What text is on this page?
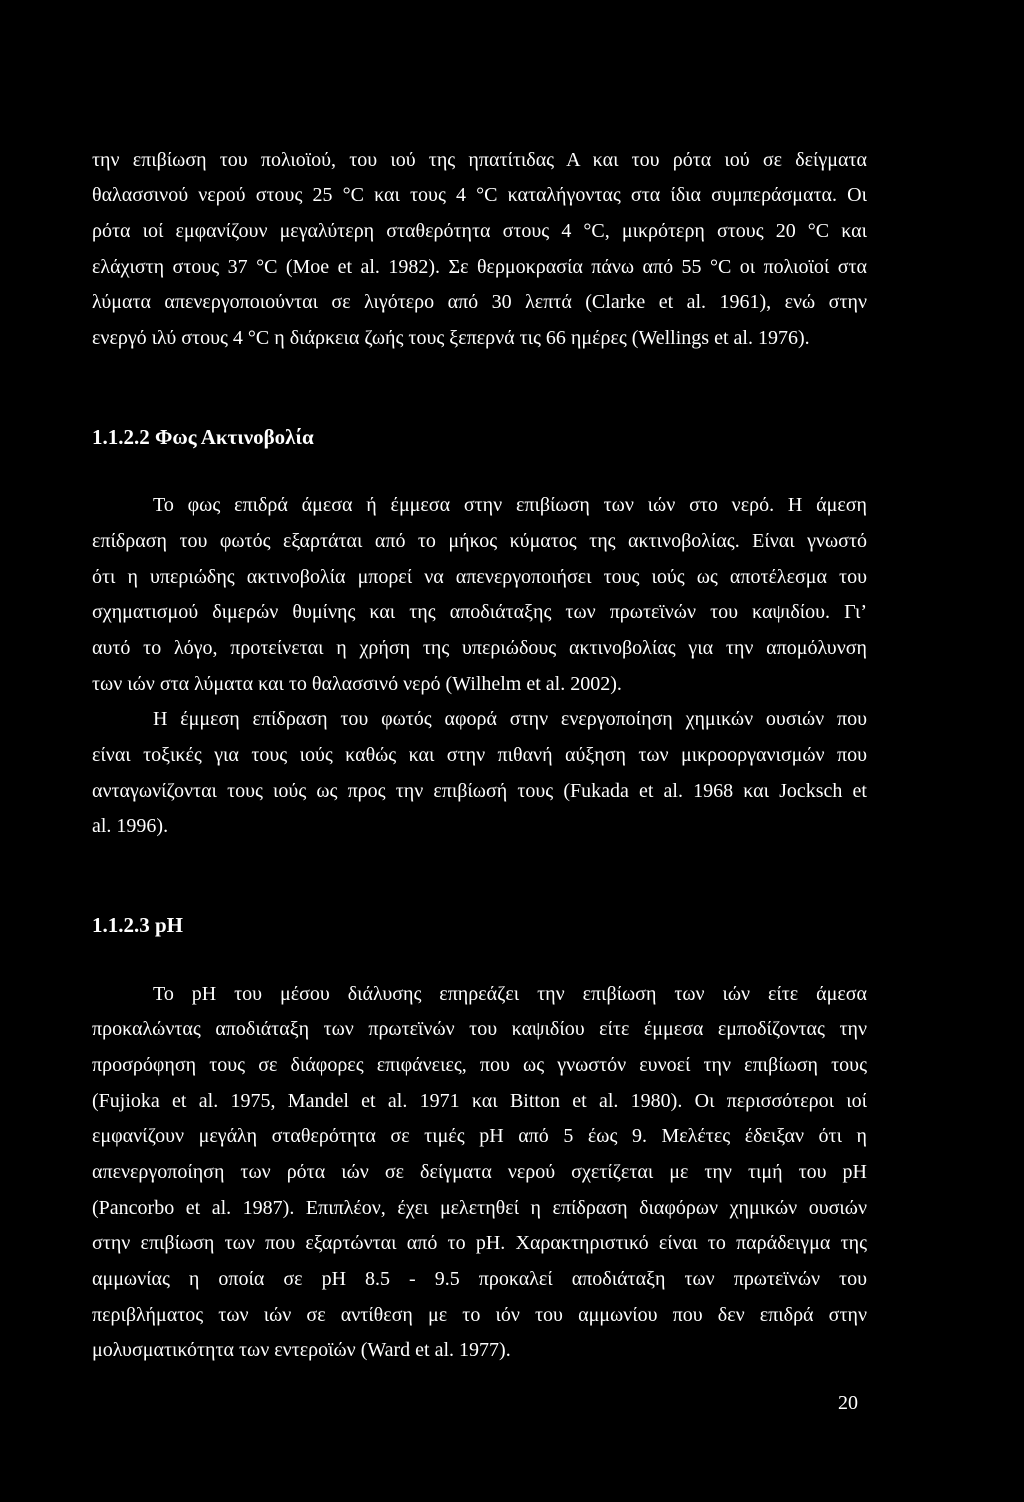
την επιβίωση του πολιοϊού, του ιού της ηπατίτιδας Α και του ρότα ιού σε δείγματα
θαλασσινού νερού στους 25 °C και τους 4 °C καταλήγοντας στα ίδια συμπεράσματα. Οι
ρότα ιοί εμφανίζουν μεγαλύτερη σταθερότητα στους 4 °C, μικρότερη στους 20 °C και
ελάχιστη στους 37 °C (Moe et al. 1982). Σε θερμοκρασία πάνω από 55 °C οι πολιοϊοί στα
λύματα απενεργοποιούνται σε λιγότερο από 30 λεπτά (Clarke et al. 1961), ενώ στην
ενεργό ιλύ στους 4 °C η διάρκεια ζωής τους ξεπερνά τις 66 ημέρες (Wellings et al. 1976).
1.1.2.2 Φως Ακτινοβολία
Το φως επιδρά άμεσα ή έμμεσα στην επιβίωση των ιών στο νερό. Η άμεση
επίδραση του φωτός εξαρτάται από το μήκος κύματος της ακτινοβολίας. Είναι γνωστό
ότι η υπεριώδης ακτινοβολία μπορεί να απενεργοποιήσει τους ιούς ως αποτέλεσμα του
σχηματισμού διμερών θυμίνης και της αποδιάταξης των πρωτεϊνών του καψιδίου. Γι’
αυτό το λόγο, προτείνεται η χρήση της υπεριώδους ακτινοβολίας για την απομόλυνση
των ιών στα λύματα και το θαλασσινό νερό (Wilhelm et al. 2002).
Η έμμεση επίδραση του φωτός αφορά στην ενεργοποίηση χημικών ουσιών που
είναι τοξικές για τους ιούς καθώς και στην πιθανή αύξηση των μικροοργανισμών που
ανταγωνίζονται τους ιούς ως προς την επιβίωσή τους (Fukada et al. 1968 και Jocksch et
al. 1996).
1.1.2.3 pH
Το pH του μέσου διάλυσης επηρεάζει την επιβίωση των ιών είτε άμεσα
προκαλώντας αποδιάταξη των πρωτεϊνών του καψιδίου είτε έμμεσα εμποδίζοντας την
προσρόφηση τους σε διάφορες επιφάνειες, που ως γνωστόν ευνοεί την επιβίωση τους
(Fujioka et al. 1975, Mandel et al. 1971 και Bitton et al. 1980). Οι περισσότεροι ιοί
εμφανίζουν μεγάλη σταθερότητα σε τιμές pH από 5 έως 9. Μελέτες έδειξαν ότι η
απενεργοποίηση των ρότα ιών σε δείγματα νερού σχετίζεται με την τιμή του pH
(Pancorbo et al. 1987). Επιπλέον, έχει μελετηθεί η επίδραση διαφόρων χημικών ουσιών
στην επιβίωση των που εξαρτώνται από το pH. Χαρακτηριστικό είναι το παράδειγμα της
αμμωνίας η οποία σε pH 8.5 - 9.5 προκαλεί αποδιάταξη των πρωτεϊνών του
περιβλήματος των ιών σε αντίθεση με το ιόν του αμμωνίου που δεν επιδρά στην
μολυσματικότητα των εντεροϊών (Ward et al. 1977).
20
